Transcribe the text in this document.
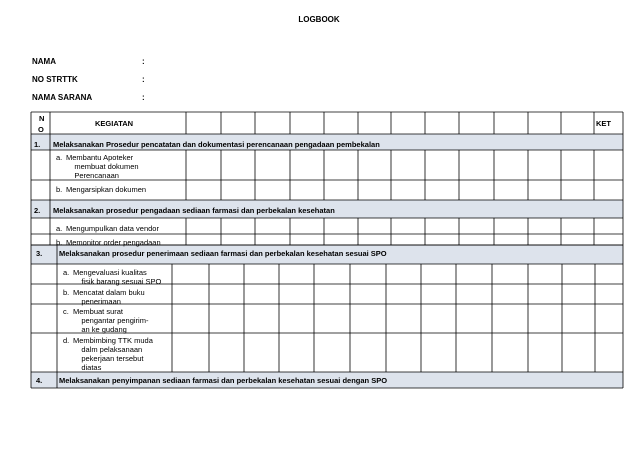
LOGBOOK
NAMA	:
NO STRTTK	:
NAMA SARANA	:
N
O
KEGIATAN	KET
1. Melaksanakan Prosedur pencatatan dan dokumentasi perencanaan pengadaan pembekalan
a. Membantu Apoteker
membuat dokumen
Perencanaan
b. Mengarsipkan dokumen
2. Melaksanakan prosedur pengadaan sediaan farmasi dan perbekalan kesehatan
a. Mengumpulkan data vendor
b. Memonitor order pengadaan
3. Melaksanakan prosedur penerimaan sediaan farmasi dan perbekalan kesehatan sesuai SPO
a. Mengevaluasi kualitas
fisik barang sesuai SPO
b. Mencatat dalam buku
penerimaan
c. Membuat surat
pengantar pengirim-
an ke gudang
d. Membimbing TTK muda
dalm pelaksanaan
pekerjaan tersebut
diatas
4. Melaksanakan penyimpanan sediaan farmasi dan perbekalan kesehatan sesuai dengan SPO
